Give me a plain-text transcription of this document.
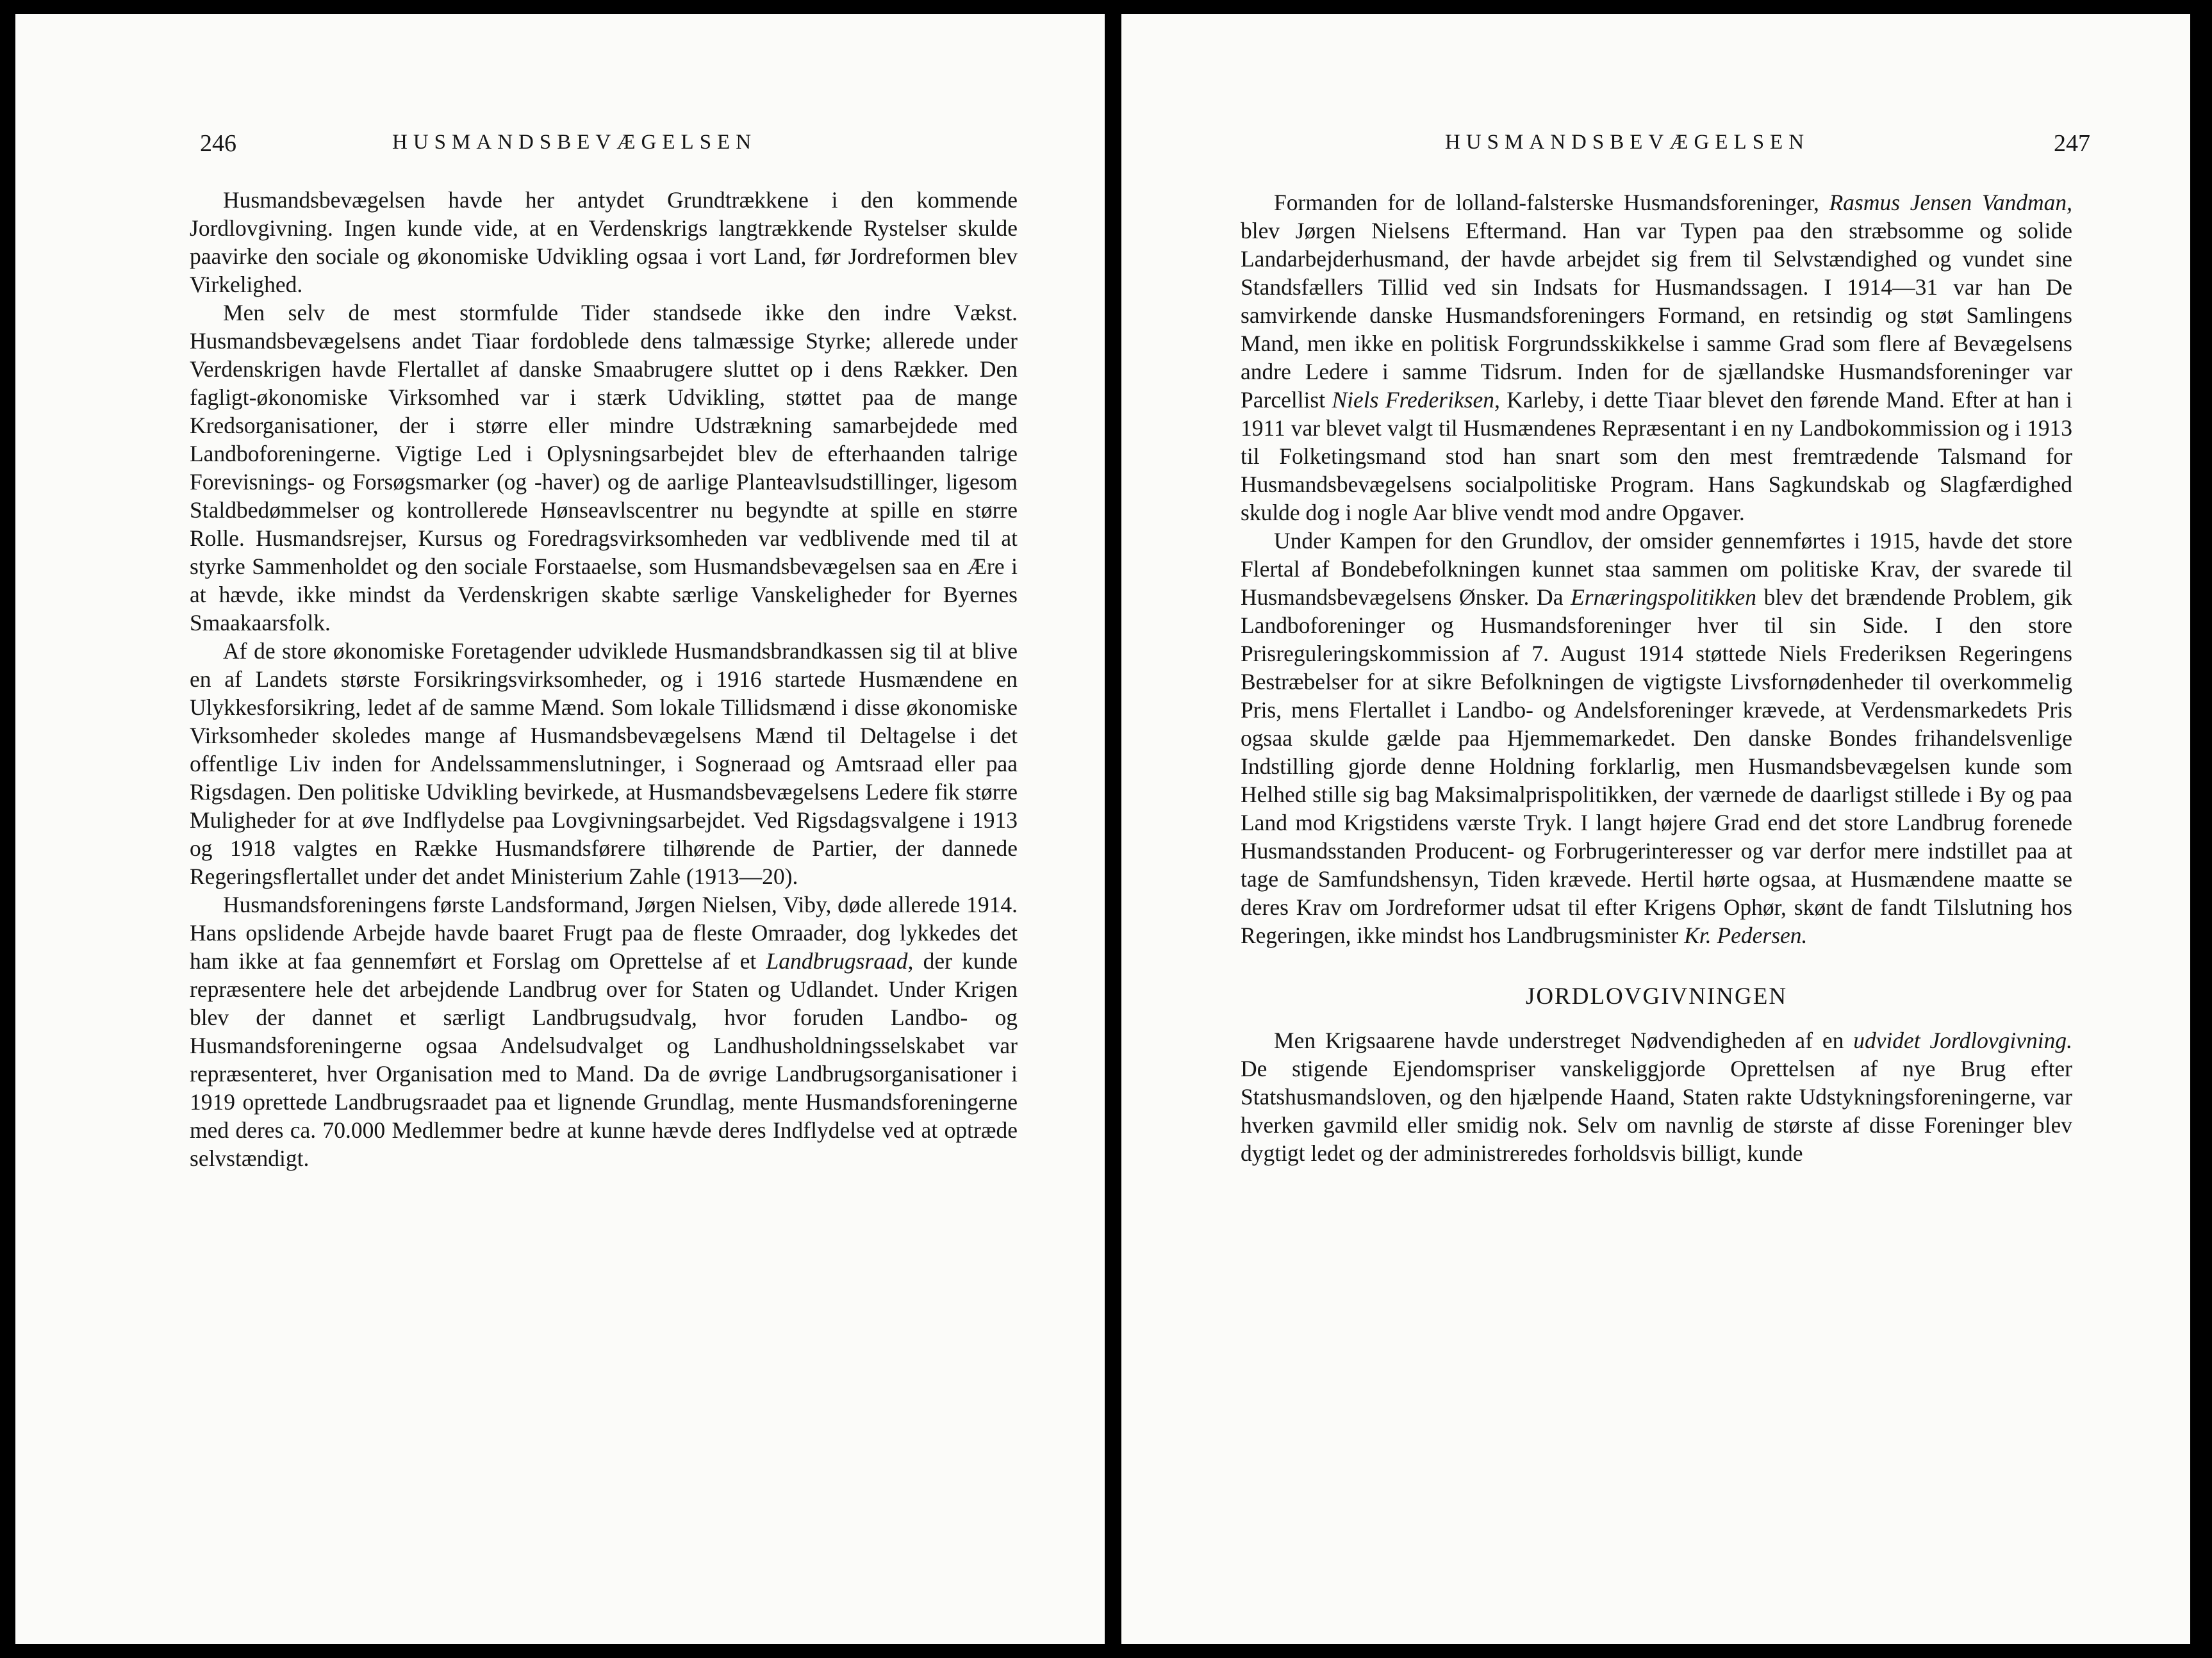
246	HUSMANDSBEVÆGELSEN

Husmandsbevægelsen havde her antydet Grundtrækkene i den kommende Jordlovgivning. Ingen kunde vide, at en Verdenskrigs langtrækkende Rystelser skulde paavirke den sociale og økonomiske Udvikling ogsaa i vort Land, før Jordreformen blev Virkelighed.

Men selv de mest stormfulde Tider standsede ikke den indre Vækst. Husmandsbevægelsens andet Tiaar fordoblede dens talmæssige Styrke; allerede under Verdenskrigen havde Flertallet af danske Smaabrugere sluttet op i dens Rækker. Den fagligt-økonomiske Virksomhed var i stærk Udvikling, støttet paa de mange Kredsorganisationer, der i større eller mindre Udstrækning samarbejdede med Landboforeningerne. Vigtige Led i Oplysningsarbejdet blev de efterhaanden talrige Forevisnings- og Forsøgsmarker (og -haver) og de aarlige Planteavlsudstillinger, ligesom Staldbedømmelser og kontrollerede Hønseavlscentrer nu begyndte at spille en større Rolle. Husmandsrejser, Kursus og Foredragsvirksomheden var vedblivende med til at styrke Sammenholdet og den sociale Forstaaelse, som Husmandsbevægelsen saa en Ære i at hævde, ikke mindst da Verdenskrigen skabte særlige Vanskeligheder for Byernes Smaakaarsfolk.

Af de store økonomiske Foretagender udviklede Husmandsbrandkassen sig til at blive en af Landets største Forsikringsvirksomheder, og i 1916 startede Husmændene en Ulykkesforsikring, ledet af de samme Mænd. Som lokale Tillidsmænd i disse økonomiske Virksomheder skoledes mange af Husmandsbevægelsens Mænd til Deltagelse i det offentlige Liv inden for Andelssammenslutninger, i Sogneraad og Amtsraad eller paa Rigsdagen. Den politiske Udvikling bevirkede, at Husmandsbevægelsens Ledere fik større Muligheder for at øve Indflydelse paa Lovgivningsarbejdet. Ved Rigsdagsvalgene i 1913 og 1918 valgtes en Række Husmandsførere tilhørende de Partier, der dannede Regeringsflertallet under det andet Ministerium Zahle (1913—20).

Husmandsforeningens første Landsformand, Jørgen Nielsen, Viby, døde allerede 1914. Hans opslidende Arbejde havde baaret Frugt paa de fleste Omraader, dog lykkedes det ham ikke at faa gennemført et Forslag om Oprettelse af et Landbrugsraad, der kunde repræsentere hele det arbejdende Landbrug over for Staten og Udlandet. Under Krigen blev der dannet et særligt Landbrugsudvalg, hvor foruden Landbo- og Husmandsforeningerne ogsaa Andelsudvalget og Landhusholdningsselskabet var repræsenteret, hver Organisation med to Mand. Da de øvrige Landbrugsorganisationer i 1919 oprettede Landbrugsraadet paa et lignende Grundlag, mente Husmandsforeningerne med deres ca. 70.000 Medlemmer bedre at kunne hævde deres Indflydelse ved at optræde selvstændigt.

HUSMANDSBEVÆGELSEN	247

Formanden for de lolland-falsterske Husmandsforeninger, Rasmus Jensen Vandman, blev Jørgen Nielsens Eftermand. Han var Typen paa den stræbsomme og solide Landarbejderhusmand, der havde arbejdet sig frem til Selvstændighed og vundet sine Standsfællers Tillid ved sin Indsats for Husmandssagen. I 1914—31 var han De samvirkende danske Husmandsforeningers Formand, en retsindig og støt Samlingens Mand, men ikke en politisk Forgrundsskikkelse i samme Grad som flere af Bevægelsens andre Ledere i samme Tidsrum. Inden for de sjællandske Husmandsforeninger var Parcellist Niels Frederiksen, Karleby, i dette Tiaar blevet den førende Mand. Efter at han i 1911 var blevet valgt til Husmændenes Repræsentant i en ny Landbokommission og i 1913 til Folketingsmand stod han snart som den mest fremtrædende Talsmand for Husmandsbevægelsens socialpolitiske Program. Hans Sagkundskab og Slagfærdighed skulde dog i nogle Aar blive vendt mod andre Opgaver.

Under Kampen for den Grundlov, der omsider gennemførtes i 1915, havde det store Flertal af Bondebefolkningen kunnet staa sammen om politiske Krav, der svarede til Husmandsbevægelsens Ønsker. Da Ernæringspolitikken blev det brændende Problem, gik Landboforeninger og Husmandsforeninger hver til sin Side. I den store Prisreguleringskommission af 7. August 1914 støttede Niels Frederiksen Regeringens Bestræbelser for at sikre Befolkningen de vigtigste Livsfornødenheder til overkommelig Pris, mens Flertallet i Landbo- og Andelsforeninger krævede, at Verdensmarkedets Pris ogsaa skulde gælde paa Hjemmemarkedet. Den danske Bondes frihandelsvenlige Indstilling gjorde denne Holdning forklarlig, men Husmandsbevægelsen kunde som Helhed stille sig bag Maksimalprispolitikken, der værnede de daarligst stillede i By og paa Land mod Krigstidens værste Tryk. I langt højere Grad end det store Landbrug forenede Husmandsstanden Producent- og Forbrugerinteresser og var derfor mere indstillet paa at tage de Samfundshensyn, Tiden krævede. Hertil hørte ogsaa, at Husmændene maatte se deres Krav om Jordreformer udsat til efter Krigens Ophør, skønt de fandt Tilslutning hos Regeringen, ikke mindst hos Landbrugsminister Kr. Pedersen.

JORDLOVGIVNINGEN

Men Krigsaarene havde understreget Nødvendigheden af en udvidet Jordlovgivning. De stigende Ejendomspriser vanskeliggjorde Oprettelsen af nye Brug efter Statshusmandsloven, og den hjælpende Haand, Staten rakte Udstykningsforeningerne, var hverken gavmild eller smidig nok. Selv om navnlig de største af disse Foreninger blev dygtigt ledet og der administreredes forholdsvis billigt, kunde
